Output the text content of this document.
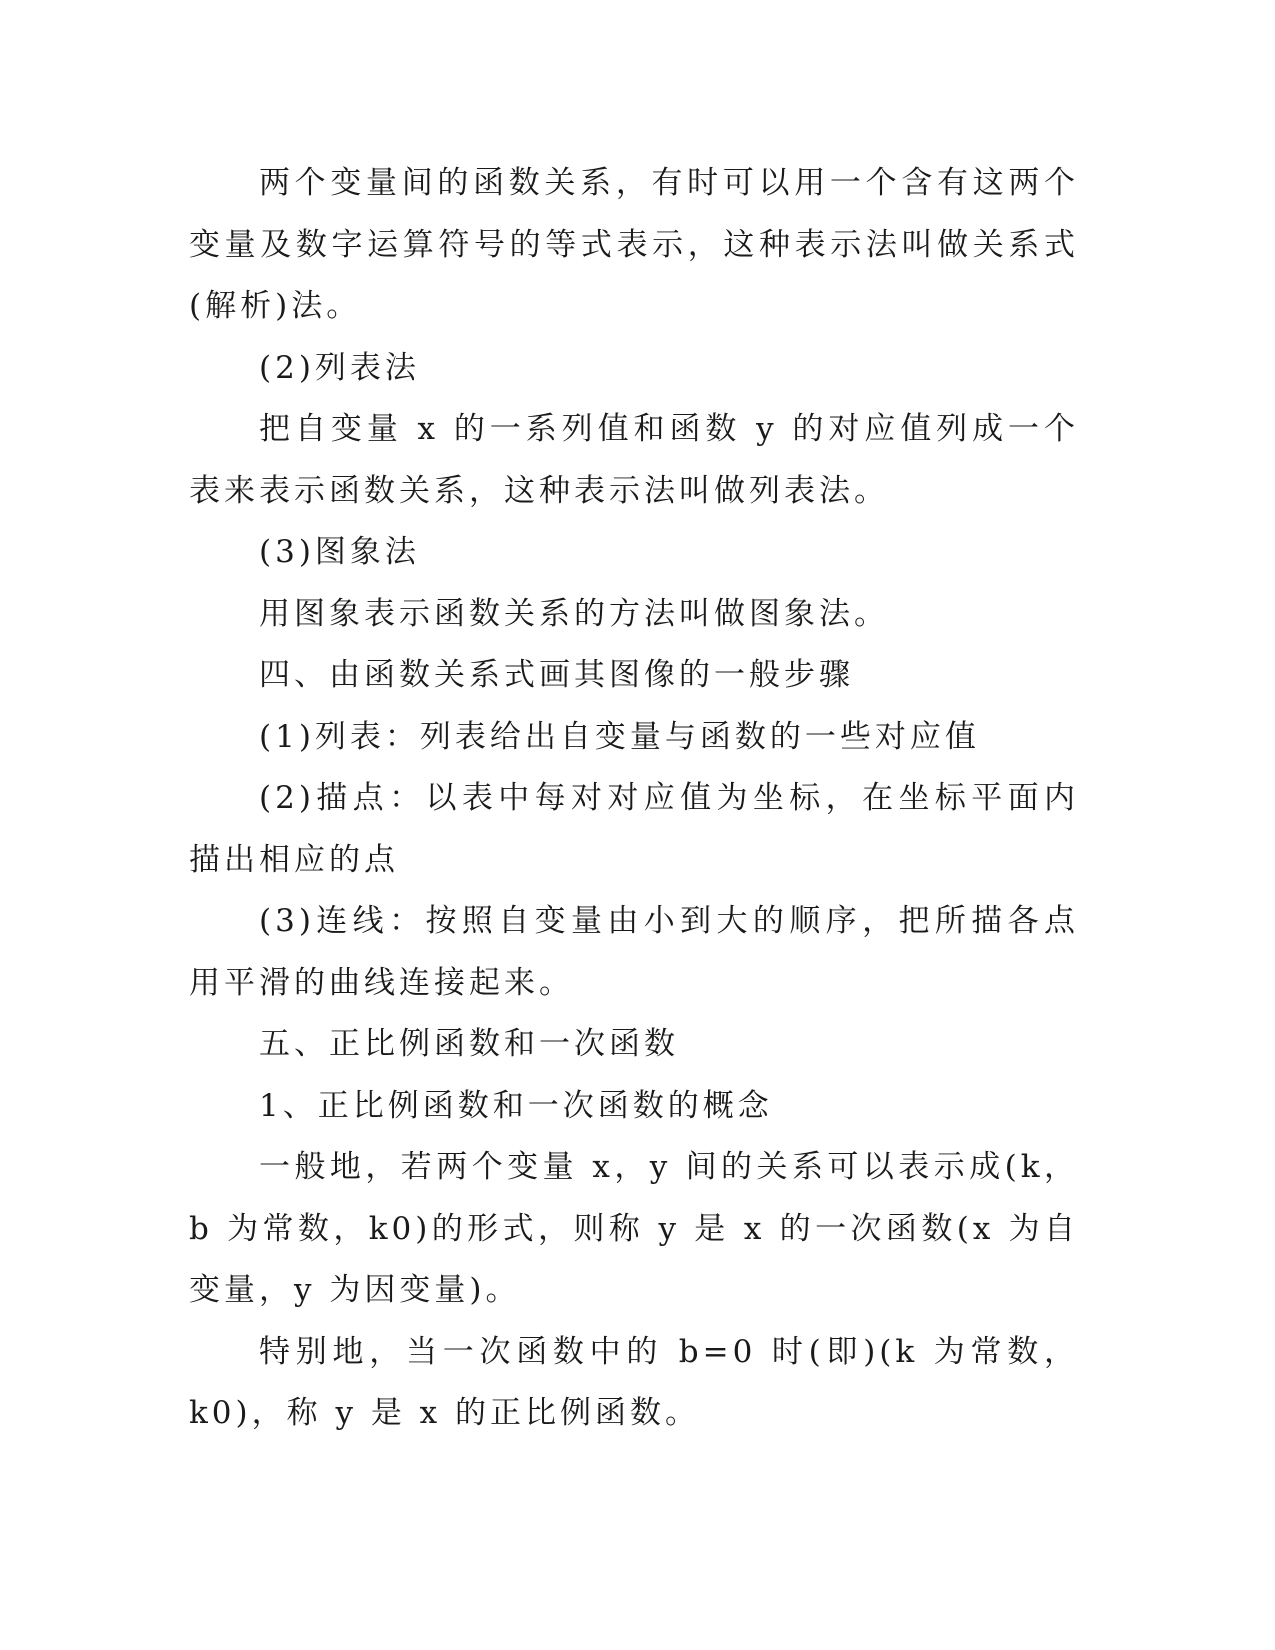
两个变量间的函数关系，有时可以用一个含有这两个变量及数字运算符号的等式表示，这种表示法叫做关系式(解析)法。

(2)列表法

把自变量 x 的一系列值和函数 y 的对应值列成一个表来表示函数关系，这种表示法叫做列表法。

(3)图象法

用图象表示函数关系的方法叫做图象法。

四、由函数关系式画其图像的一般步骤

(1)列表：列表给出自变量与函数的一些对应值

(2)描点：以表中每对对应值为坐标，在坐标平面内描出相应的点

(3)连线：按照自变量由小到大的顺序，把所描各点用平滑的曲线连接起来。

五、正比例函数和一次函数

1、正比例函数和一次函数的概念

一般地，若两个变量 x，y 间的关系可以表示成(k，b 为常数，k0)的形式，则称 y 是 x 的一次函数(x 为自变量，y 为因变量)。

特别地，当一次函数中的 b=0 时(即)(k 为常数，k0)，称 y 是 x 的正比例函数。
